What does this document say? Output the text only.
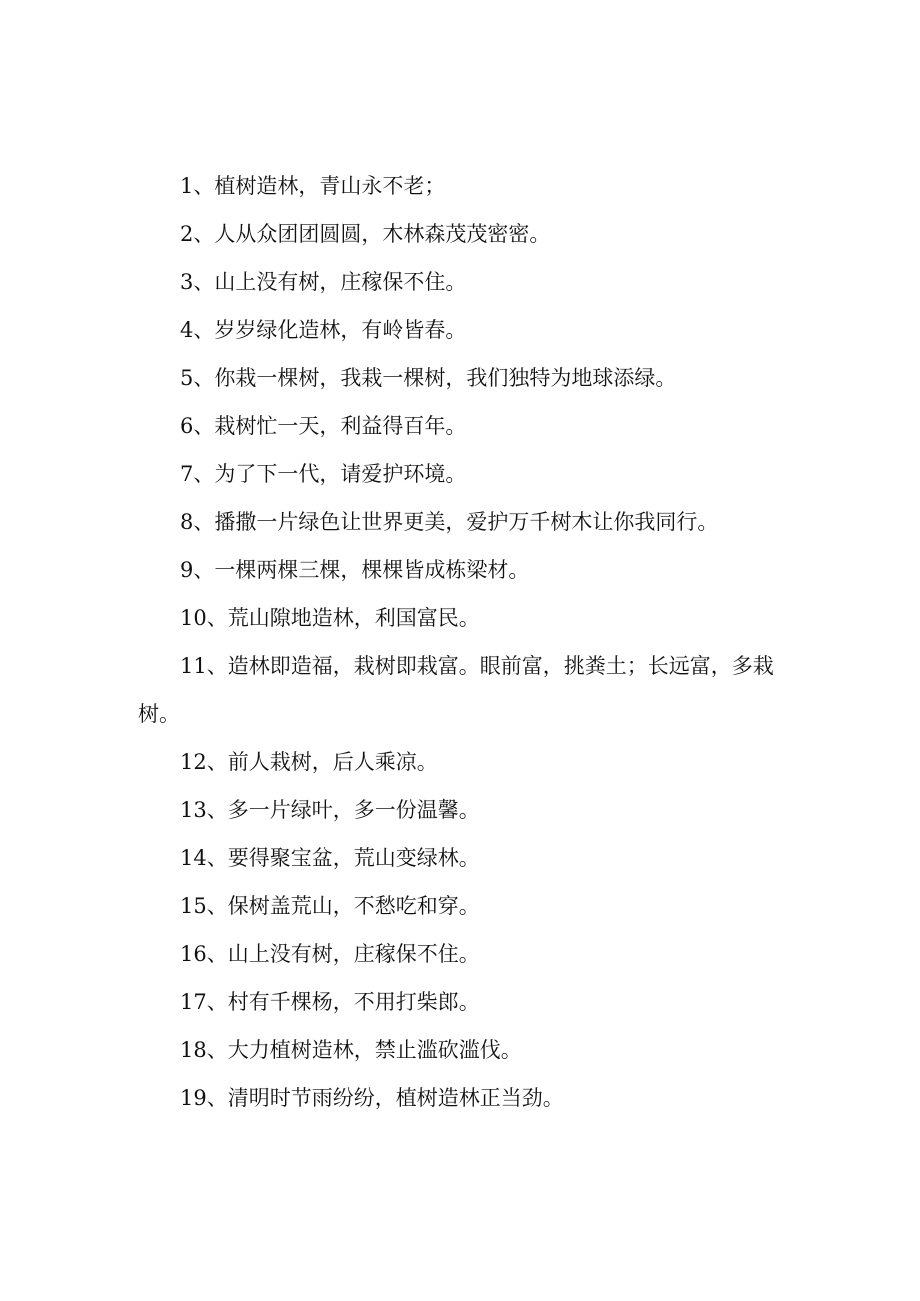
1、植树造林，青山永不老；

2、人从众团团圆圆，木林森茂茂密密。

3、山上没有树，庄稼保不住。

4、岁岁绿化造林，有岭皆春。

5、你栽一棵树，我栽一棵树，我们独特为地球添绿。

6、栽树忙一天，利益得百年。

7、为了下一代，请爱护环境。

8、播撒一片绿色让世界更美，爱护万千树木让你我同行。

9、一棵两棵三棵，棵棵皆成栋梁材。

10、荒山隙地造林，利国富民。

11、造林即造福，栽树即栽富。眼前富，挑粪土；长远富，多栽树。

12、前人栽树，后人乘凉。

13、多一片绿叶，多一份温馨。

14、要得聚宝盆，荒山变绿林。

15、保树盖荒山，不愁吃和穿。

16、山上没有树，庄稼保不住。

17、村有千棵杨，不用打柴郎。

18、大力植树造林，禁止滥砍滥伐。

19、清明时节雨纷纷，植树造林正当劲。
